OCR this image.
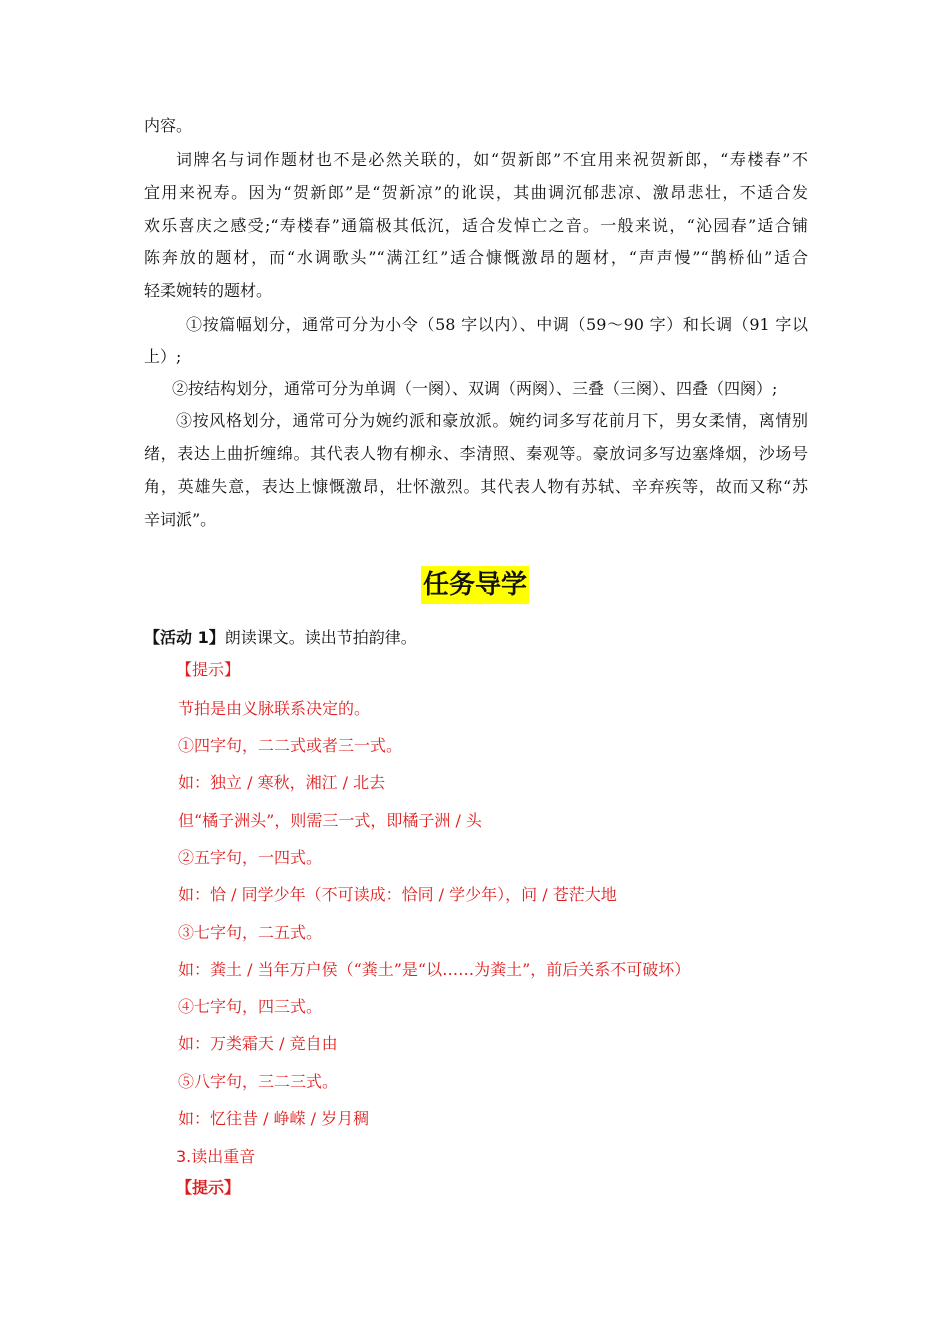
内容。
词牌名与词作题材也不是必然关联的，如“贺新郎”不宜用来祝贺新郎，“寿楼春”不
宜用来祝寿。因为“贺新郎”是“贺新凉”的讹误，其曲调沉郁悲凉、激昂悲壮，不适合发
欢乐喜庆之感受;“寿楼春”通篇极其低沉，适合发悼亡之音。一般来说，“沁园春”适合铺
陈奔放的题材，而“水调歌头”“满江红”适合慷慨激昂的题材，“声声慢”“鹊桥仙”适合
轻柔婉转的题材。
①按篇幅划分，通常可分为小令（58 字以内）、中调（59～90 字）和长调（91 字以
上）;
②按结构划分，通常可分为单调（一阕）、双调（两阕）、三叠（三阕）、四叠（四阕）;
③按风格划分，通常可分为婉约派和豪放派。婉约词多写花前月下，男女柔情，离情别
绪，表达上曲折缠绵。其代表人物有柳永、李清照、秦观等。豪放词多写边塞烽烟，沙场号
角，英雄失意，表达上慷慨激昂，壮怀激烈。其代表人物有苏轼、辛弃疾等，故而又称“苏
辛词派”。
任务导学
【活动 1】朗读课文。读出节拍韵律。
【提示】
节拍是由义脉联系决定的。
①四字句，二二式或者三一式。
如：独立 / 寒秋，湘江 / 北去
但“橘子洲头”，则需三一式，即橘子洲 / 头
②五字句，一四式。
如：恰 / 同学少年（不可读成：恰同 / 学少年），问 / 苍茫大地
③七字句，二五式。
如：粪土 / 当年万户侯（“粪土”是“以……为粪土”，前后关系不可破坏）
④七字句，四三式。
如：万类霜天 / 竞自由
⑤八字句，三二三式。
如：忆往昔 / 峥嵘 / 岁月稠
3.读出重音
【提示】
